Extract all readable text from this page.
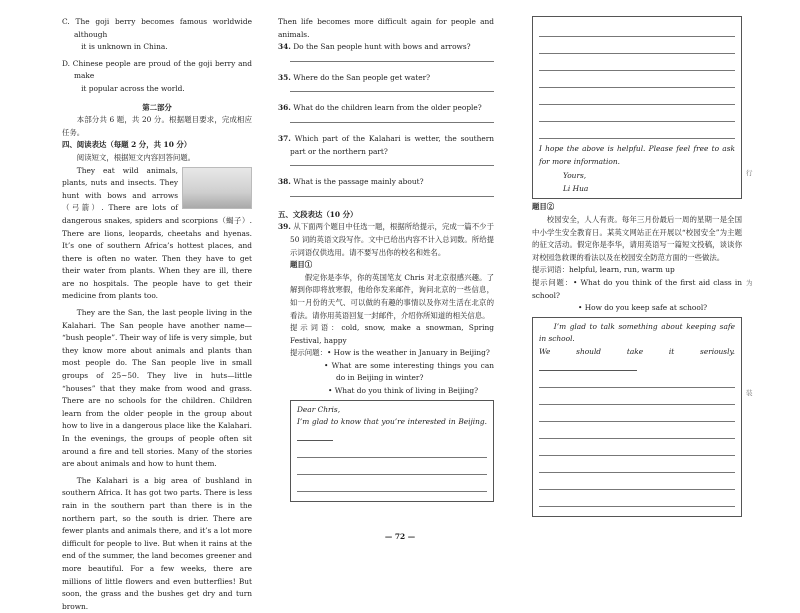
C. The goji berry becomes famous worldwide although
it is unknown in China.

D. Chinese people are proud of the goji berry and make
it popular across the world.

第二部分

本部分共 6 题，共 20 分。根据题目要求，完成相应任务。

四、阅读表达（每题 2 分，共 10 分）

阅读短文，根据短文内容回答问题。

They eat wild animals, plants, nuts and insects. They hunt with bows and arrows（弓箭）. There are lots of dangerous snakes, spiders and scorpions（蝎子）. There are lions, leopards, cheetahs and hyenas. It’s one of southern Africa’s hottest places, and there is often no water. Then they have to get their water from plants. When they are ill, there are no hospitals. The people have to get their medicine from plants too.

They are the San, the last people living in the Kalahari. The San people have another name— “bush people”. Their way of life is very simple, but they know more about animals and plants than most people do. The San people live in small groups of 25~50. They live in huts—little “houses” that they make from wood and grass. There are no schools for the children. Children learn from the older people in the group about how to live in a dangerous place like the Kalahari. In the evenings, the groups of people often sit around a fire and tell stories. Many of the stories are about animals and how to hunt them.

The Kalahari is a big area of bushland in southern Africa. It has got two parts. There is less rain in the southern part than there is in the northern part, so the south is drier. There are fewer plants and animals there, and it’s a lot more difficult for people to live. But when it rains at the end of the summer, the land becomes greener and more beautiful. For a few weeks, there are millions of little flowers and even butterflies! But soon, the grass and the bushes get dry and turn brown.

Then life becomes more difficult again for people and animals.

34. Do the San people hunt with bows and arrows?

35. Where do the San people get water?

36. What do the children learn from the older people?

37. Which part of the Kalahari is wetter, the southern part or the northern part?

38. What is the passage mainly about?

五、文段表达（10 分）

39. 从下面两个题目中任选一题，根据所给提示，完成一篇不少于 50 词的英语文段写作。文中已给出内容不计入总词数。所给提示词语仅供选用。请不要写出你的校名和姓名。

题目①

假定你是李华，你的英国笔友 Chris 对北京很感兴趣。了解到你即将放寒假，他给你发来邮件，询问北京的一些信息，如一月份的天气、可以做的有趣的事情以及你对生活在北京的看法。请你用英语回复一封邮件，介绍你所知道的相关信息。

提示词语：cold, snow, make a snowman, Spring Festival, happy

提示问题：• How is the weather in January in Beijing?

• What are some interesting things you can do in Beijing in winter?

• What do you think of living in Beijing?

Dear Chris,

I’m glad to know that you’re interested in Beijing.

I hope the above is helpful. Please feel free to ask for more information.

Yours,

Li Hua

题目②

校园安全，人人有责。每年三月份最后一周的星期一是全国中小学生安全教育日。某英文网站正在开展以“校园安全”为主题的征文活动。假定你是李华，请用英语写一篇短文投稿，谈谈你对校园急救课的看法以及在校园安全防范方面的一些做法。

提示词语：helpful, learn, run, warm up

提示问题：• What do you think of the first aid class in school?

• How do you keep safe at school?

I’m glad to talk something about keeping safe in school.

We should take it seriously.

行
为
装
— 72 —
